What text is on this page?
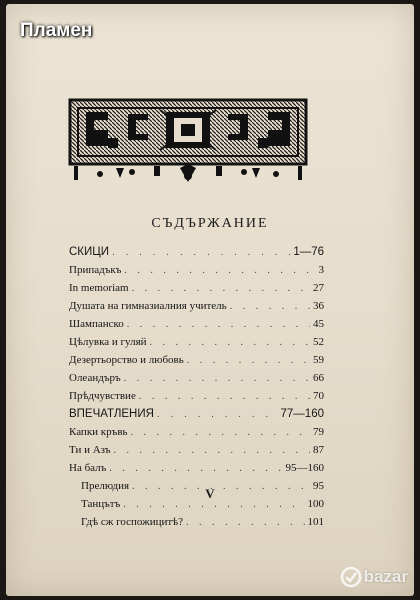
Пламен
СЪДЪРЖАНИЕ
СКИЦИ . . .	1—76
Припадъкъ . . .	3
In memoriam . . .	27
Душата на гимназиалния учитель . . .	36
Шампанско . . .	45
Цѣлувка и гуляй . . .	52
Дезертьорство и любовь . . .	59
Олеандъръ . . .	66
Прѣдчувствие . . .	70
ВПЕЧАТЛЕНИЯ . . .	77—160
Капки кръвь . . .	79
Ти и Азъ . . .	87
На балъ . . .	95—160
Прелюдия . . .	95
Танцътъ . . .	100
Гдѣ сж госпожицитѣ? . . .	101
V
bazar
